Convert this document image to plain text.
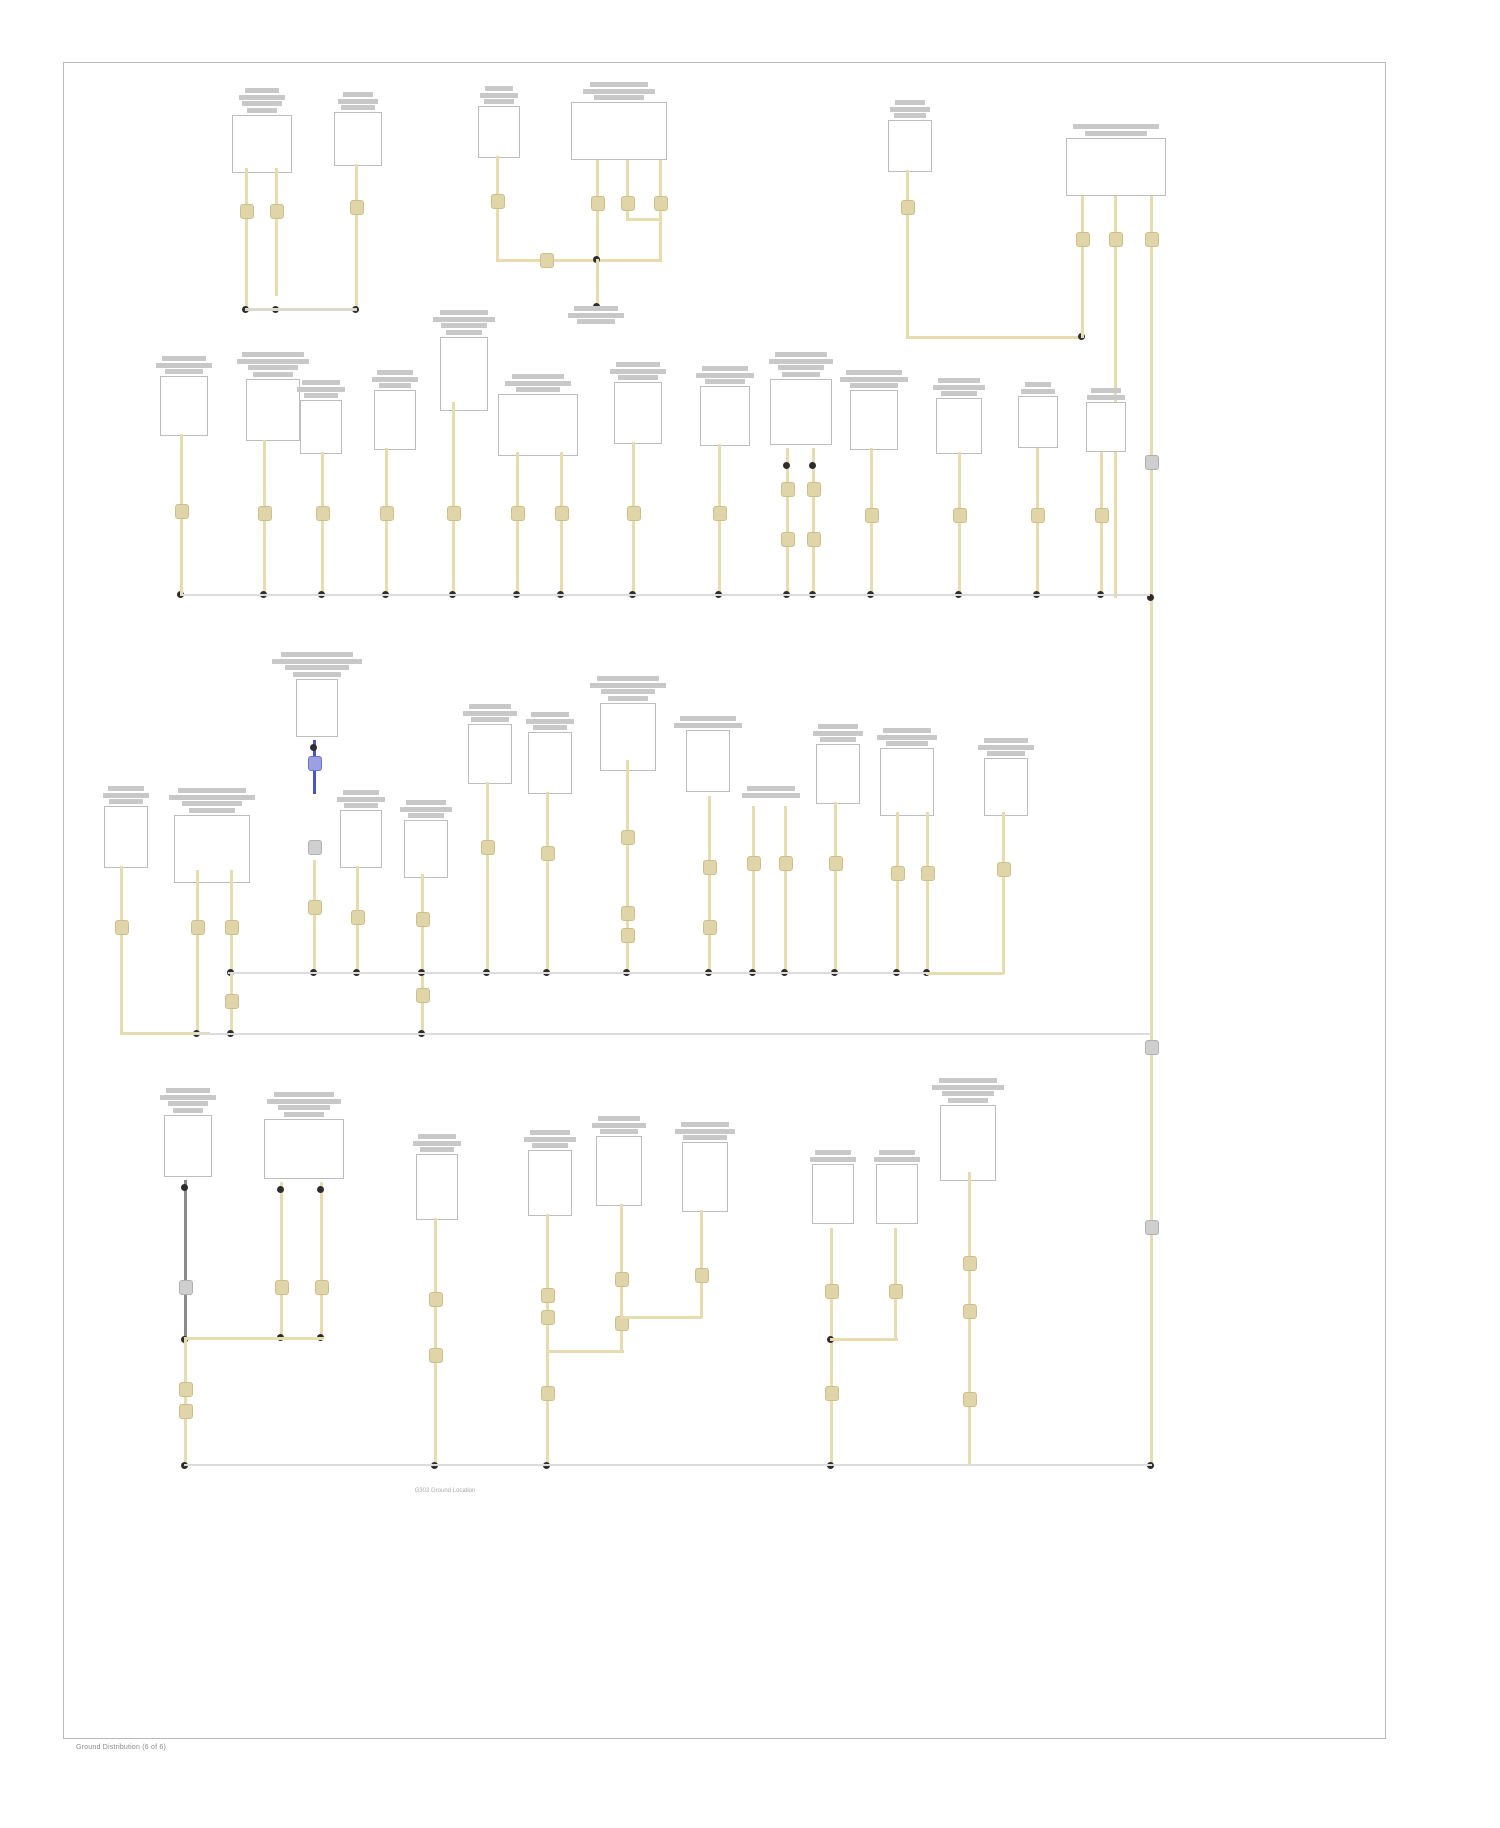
G303 Ground Location
Ground Distribution (6 of 6)
